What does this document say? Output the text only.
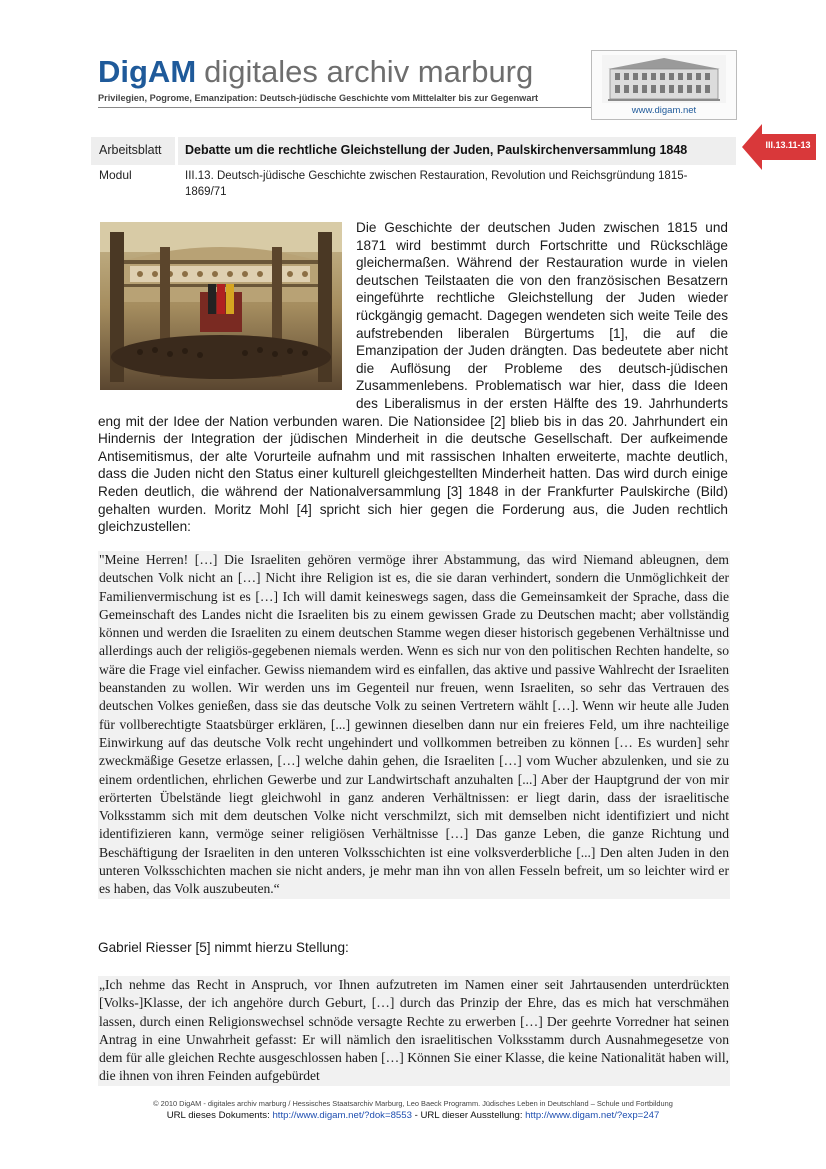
DigAM digitales archiv marburg
Privilegien, Pogrome, Emanzipation: Deutsch-jüdische Geschichte vom Mittelalter bis zur Gegenwart
www.digam.net
Arbeitsblatt Debatte um die rechtliche Gleichstellung der Juden, Paulskirchenversammlung 1848
Modul	III.13. Deutsch-jüdische Geschichte zwischen Restauration, Revolution und Reichsgründung 1815-1869/71
III.13.11-13
Die Geschichte der deutschen Juden zwischen 1815 und 1871 wird bestimmt durch Fortschritte und Rückschläge gleichermaßen. Während der Restauration wurde in vielen deutschen Teilstaaten die von den französischen Besatzern eingeführte rechtliche Gleichstellung der Juden wieder rückgängig gemacht. Dagegen wendeten sich weite Teile des aufstrebenden liberalen Bürgertums [1], die auf die Emanzipation der Juden drängten. Das bedeutete aber nicht die Auflösung der Probleme des deutsch-jüdischen Zusammenlebens. Problematisch war hier, dass die Ideen des Liberalismus in der ersten Hälfte des 19. Jahrhunderts eng mit der Idee der Nation verbunden waren. Die Nationsidee [2] blieb bis in das 20. Jahrhundert ein Hindernis der Integration der jüdischen Minderheit in die deutsche Gesellschaft. Der aufkeimende Antisemitismus, der alte Vorurteile aufnahm und mit rassischen Inhalten erweiterte, machte deutlich, dass die Juden nicht den Status einer kulturell gleichgestellten Minderheit hatten. Das wird durch einige Reden deutlich, die während der Nationalversammlung [3] 1848 in der Frankfurter Paulskirche (Bild) gehalten wurden. Moritz Mohl [4] spricht sich hier gegen die Forderung aus, die Juden rechtlich gleichzustellen:
"Meine Herren! […] Die Israeliten gehören vermöge ihrer Abstammung, das wird Niemand ableugnen, dem deutschen Volk nicht an […] Nicht ihre Religion ist es, die sie daran verhindert, sondern die Unmöglichkeit der Familienvermischung ist es […] Ich will damit keineswegs sagen, dass die Gemeinsamkeit der Sprache, dass die Gemeinschaft des Landes nicht die Israeliten bis zu einem gewissen Grade zu Deutschen macht; aber vollständig können und werden die Israeliten zu einem deutschen Stamme wegen dieser historisch gegebenen Verhältnisse und allerdings auch der religiös-gegebenen niemals werden. Wenn es sich nur von den politischen Rechten handelte, so wäre die Frage viel einfacher. Gewiss niemandem wird es einfallen, das aktive und passive Wahlrecht der Israeliten beanstanden zu wollen. Wir werden uns im Gegenteil nur freuen, wenn Israeliten, so sehr das Vertrauen des deutschen Volkes genießen, dass sie das deutsche Volk zu seinen Vertretern wählt […]. Wenn wir heute alle Juden für vollberechtigte Staatsbürger erklären, [...] gewinnen dieselben dann nur ein freieres Feld, um ihre nachteilige Einwirkung auf das deutsche Volk recht ungehindert und vollkommen betreiben zu können [… Es wurden] sehr zweckmäßige Gesetze erlassen, […] welche dahin gehen, die Israeliten […] vom Wucher abzulenken, und sie zu einem ordentlichen, ehrlichen Gewerbe und zur Landwirtschaft anzuhalten [...] Aber der Hauptgrund der von mir erörterten Übelstände liegt gleichwohl in ganz anderen Verhältnissen: er liegt darin, dass der israelitische Volksstamm sich mit dem deutschen Volke nicht verschmilzt, sich mit demselben nicht identifiziert und nicht identifizieren kann, vermöge seiner religiösen Verhältnisse […] Das ganze Leben, die ganze Richtung und Beschäftigung der Israeliten in den unteren Volksschichten ist eine volksverderbliche [...] Den alten Juden in den unteren Volksschichten machen sie nicht anders, je mehr man ihn von allen Fesseln befreit, um so leichter wird er es haben, das Volk auszubeuten.“
Gabriel Riesser [5] nimmt hierzu Stellung:
„Ich nehme das Recht in Anspruch, vor Ihnen aufzutreten im Namen einer seit Jahrtausenden unterdrückten [Volks-]Klasse, der ich angehöre durch Geburt, […] durch das Prinzip der Ehre, das es mich hat verschmähen lassen, durch einen Religionswechsel schnöde versagte Rechte zu erwerben […] Der geehrte Vorredner hat seinen Antrag in eine Unwahrheit gefasst: Er will nämlich den israelitischen Volksstamm durch Ausnahmegesetze von dem für alle gleichen Rechte ausgeschlossen haben […] Können Sie einer Klasse, die keine Nationalität haben will, die ihnen von ihren Feinden aufgebürdet
© 2010 DigAM - digitales archiv marburg / Hessisches Staatsarchiv Marburg, Leo Baeck Programm. Jüdisches Leben in Deutschland – Schule und Fortbildung
URL dieses Dokuments: http://www.digam.net/?dok=8553 - URL dieser Ausstellung: http://www.digam.net/?exp=247
